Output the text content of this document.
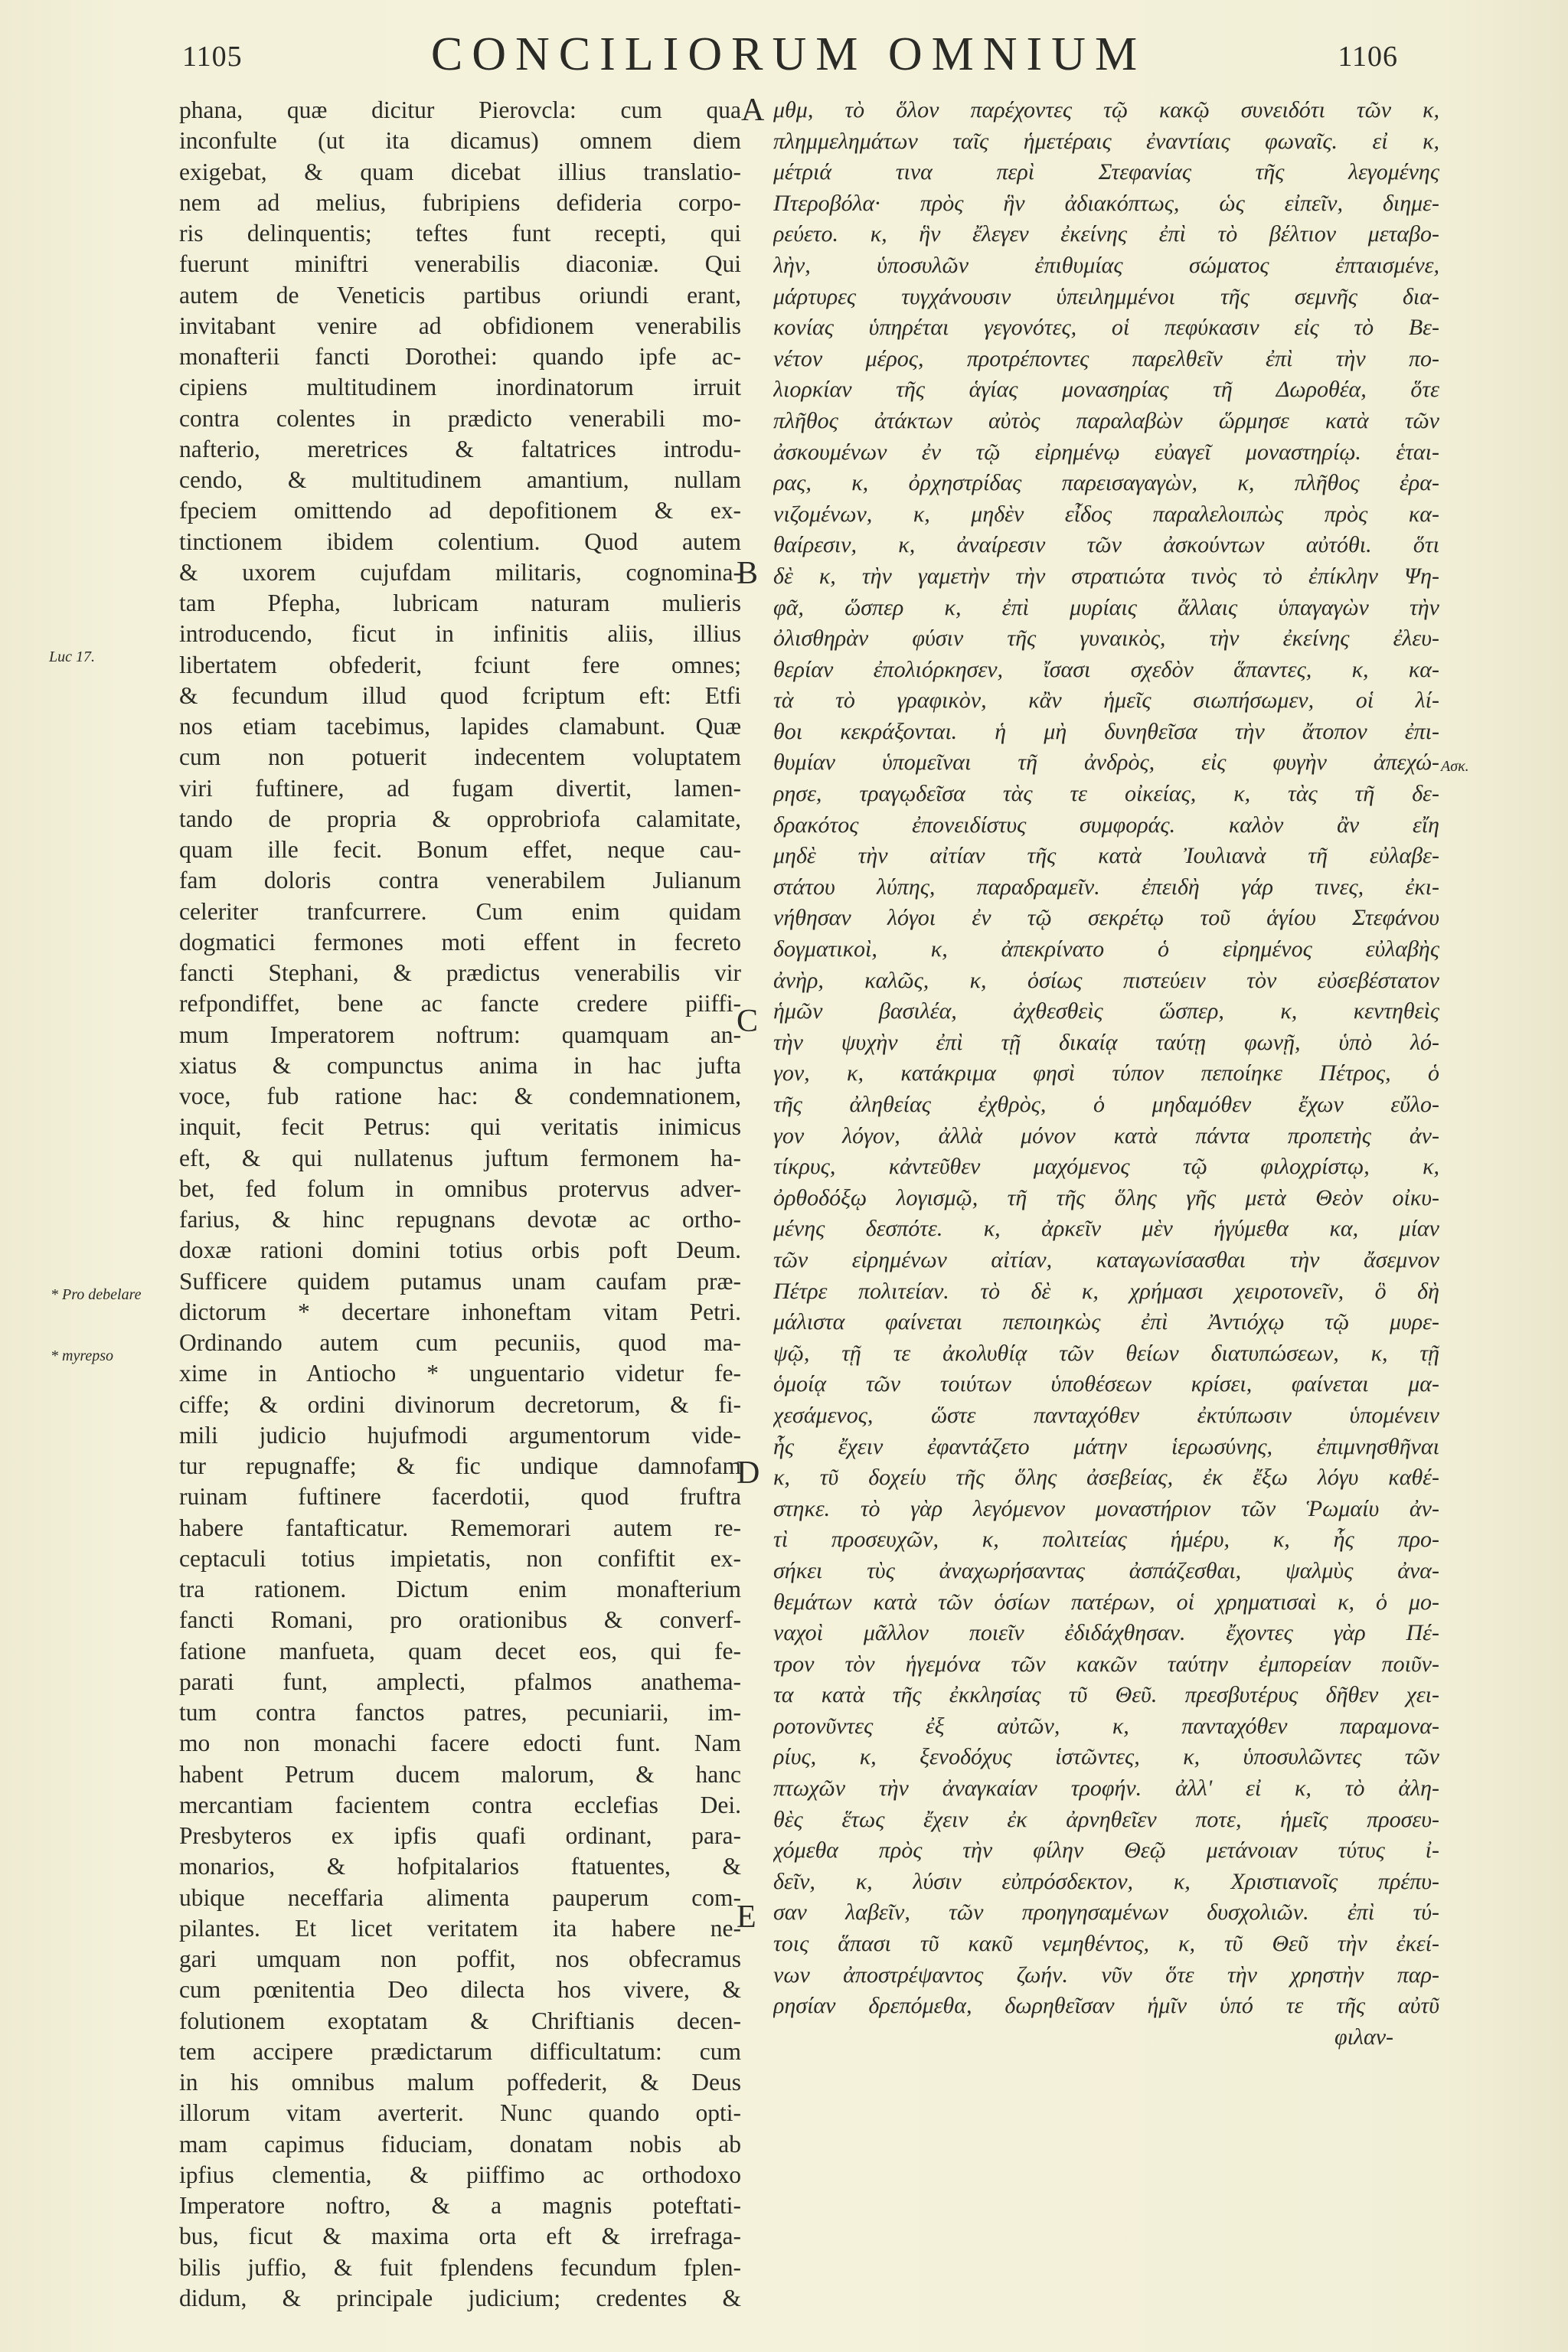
1105	CONCILIORUM OMNIUM	1106
A
B
C
D
E
Luc 17.
* Pro debelare
* myrepso
Ασκ.
phana, quæ dicitur Pierovcla: cum qua
inconfulte (ut ita dicamus) omnem diem
exigebat, & quam dicebat illius translatio-
nem ad melius, fubripiens defideria corpo-
ris delinquentis; teftes funt recepti, qui
fuerunt miniftri venerabilis diaconiæ. Qui
autem de Veneticis partibus oriundi erant,
invitabant venire ad obfidionem venerabilis
monafterii fancti Dorothei: quando ipfe ac-
cipiens multitudinem inordinatorum irruit
contra colentes in prædicto venerabili mo-
nafterio, meretrices & faltatrices introdu-
cendo, & multitudinem amantium, nullam
fpeciem omittendo ad depofitionem & ex-
tinctionem ibidem colentium. Quod autem
& uxorem cujufdam militaris, cognomina-
tam Pfepha, lubricam naturam mulieris
introducendo, ficut in infinitis aliis, illius
libertatem obfederit, fciunt fere omnes;
& fecundum illud quod fcriptum eft: Etfi
nos etiam tacebimus, lapides clamabunt. Quæ
cum non potuerit indecentem voluptatem
viri fuftinere, ad fugam divertit, lamen-
tando de propria & opprobriofa calamitate,
quam ille fecit. Bonum effet, neque cau-
fam doloris contra venerabilem Julianum
celeriter tranfcurrere. Cum enim quidam
dogmatici fermones moti effent in fecreto
fancti Stephani, & prædictus venerabilis vir
refpondiffet, bene ac fancte credere piiffi-
mum Imperatorem noftrum: quamquam an-
xiatus & compunctus anima in hac jufta
voce, fub ratione hac: & condemnationem,
inquit, fecit Petrus: qui veritatis inimicus
eft, & qui nullatenus juftum fermonem ha-
bet, fed folum in omnibus protervus adver-
farius, & hinc repugnans devotæ ac ortho-
doxæ rationi domini totius orbis poft Deum.
Sufficere quidem putamus unam caufam præ-
dictorum * decertare inhoneftam vitam Petri.
Ordinando autem cum pecuniis, quod ma-
xime in Antiocho * unguentario videtur fe-
ciffe; & ordini divinorum decretorum, & fi-
mili judicio hujufmodi argumentorum vide-
tur repugnaffe; & fic undique damnofam
ruinam fuftinere facerdotii, quod fruftra
habere fantafticatur. Rememorari autem re-
ceptaculi totius impietatis, non confiftit ex-
tra rationem. Dictum enim monafterium
fancti Romani, pro orationibus & converf-
fatione manfueta, quam decet eos, qui fe-
parati funt, amplecti, pfalmos anathema-
tum contra fanctos patres, pecuniarii, im-
mo non monachi facere edocti funt. Nam
habent Petrum ducem malorum, & hanc
mercantiam facientem contra ecclefias Dei.
Presbyteros ex ipfis quafi ordinant, para-
monarios, & hofpitalarios ftatuentes, &
ubique neceffaria alimenta pauperum com-
pilantes. Et licet veritatem ita habere ne-
gari umquam non poffit, nos obfecramus
cum pœnitentia Deo dilecta hos vivere, &
folutionem exoptatam & Chriftianis decen-
tem accipere prædictarum difficultatum: cum
in his omnibus malum poffederit, & Deus
illorum vitam averterit. Nunc quando opti-
mam capimus fiduciam, donatam nobis ab
ipfius clementia, & piiffimo ac orthodoxo
Imperatore noftro, & a magnis poteftati-
bus, ficut & maxima orta eft & irrefraga-
bilis juffio, & fuit fplendens fecundum fplen-
didum, & principale judicium; credentes &
μθμ, τὸ ὅλον παρέχοντες τῷ κακῷ συνειδότι τῶν κ,
πλημμελημάτων ταῖς ἡμετέραις ἐναντίαις φωναῖς. εἰ κ,
μέτριά τινα περὶ Στεφανίας τῆς λεγομένης
Πτεροβόλα· πρὸς ἣν ἀδιακόπτως, ὡς εἰπεῖν, διημε-
ρεύετο. κ, ἣν ἔλεγεν ἐκείνης ἐπὶ τὸ βέλτιον μεταβο-
λὴν, ὑποσυλῶν ἐπιθυμίας σώματος ἐπταισμένε,
μάρτυρες τυγχάνουσιν ὑπειλημμένοι τῆς σεμνῆς δια-
κονίας ὑπηρέται γεγονότες, οἱ πεφύκασιν εἰς τὸ Βε-
νέτον μέρος, προτρέποντες παρελθεῖν ἐπὶ τὴν πο-
λιορκίαν τῆς ἁγίας μονασηρίας τῆ Δωροθέα, ὅτε
πλῆθος ἀτάκτων αὐτὸς παραλαβὼν ὥρμησε κατὰ τῶν
ἀσκουμένων ἐν τῷ εἰρημένῳ εὐαγεῖ μοναστηρίῳ. ἑται-
ρας, κ, ὀρχηστρίδας παρεισαγαγὼν, κ, πλῆθος ἐρα-
νιζομένων, κ, μηδὲν εἶδος παραλελοιπὼς πρὸς κα-
θαίρεσιν, κ, ἀναίρεσιν τῶν ἀσκούντων αὐτόθι. ὅτι
δὲ κ, τὴν γαμετὴν τὴν στρατιώτα τινὸς τὸ ἐπίκλην Ψη-
φᾶ, ὥσπερ κ, ἐπὶ μυρίαις ἄλλαις ὑπαγαγὼν τὴν
ὀλισθηρὰν φύσιν τῆς γυναικὸς, τὴν ἐκείνης ἐλευ-
θερίαν ἐπολιόρκησεν, ἴσασι σχεδὸν ἅπαντες, κ, κα-
τὰ τὸ γραφικὸν, κἂν ἡμεῖς σιωπήσωμεν, οἱ λί-
θοι κεκράξονται. ἡ μὴ δυνηθεῖσα τὴν ἄτοπον ἐπι-
θυμίαν ὑπομεῖναι τῆ ἀνδρὸς, εἰς φυγὴν ἀπεχώ-
ρησε, τραγῳδεῖσα τὰς τε οἰκείας, κ, τὰς τῆ δε-
δρακότος ἐπονειδίστυς συμφοράς. καλὸν ἂν εἴη
μηδὲ τὴν αἰτίαν τῆς κατὰ Ἰουλιανὰ τῆ εὐλαβε-
στάτου λύπης, παραδραμεῖν. ἐπειδὴ γάρ τινες, ἐκι-
νήθησαν λόγοι ἐν τῷ σεκρέτῳ τοῦ ἁγίου Στεφάνου
δογματικοὶ, κ, ἀπεκρίνατο ὁ εἰρημένος εὐλαβὴς
ἀνὴρ, καλῶς, κ, ὁσίως πιστεύειν τὸν εὐσεβέστατον
ἡμῶν βασιλέα, ἀχθεσθεὶς ὥσπερ, κ, κεντηθεὶς
τὴν ψυχὴν ἐπὶ τῇ δικαίᾳ ταύτῃ φωνῇ, ὑπὸ λό-
γον, κ, κατάκριμα φησὶ τύπον πεποίηκε Πέτρος, ὁ
τῆς ἀληθείας ἐχθρὸς, ὁ μηδαμόθεν ἔχων εὔλο-
γον λόγον, ἀλλὰ μόνον κατὰ πάντα προπετὴς ἀν-
τίκρυς, κἀντεῦθεν μαχόμενος τῷ φιλοχρίστῳ, κ,
ὀρθοδόξῳ λογισμῷ, τῆ τῆς ὅλης γῆς μετὰ Θεὸν οἰκυ-
μένης δεσπότε. κ, ἀρκεῖν μὲν ἡγύμεθα κα, μίαν
τῶν εἰρημένων αἰτίαν, καταγωνίσασθαι τὴν ἄσεμνον
Πέτρε πολιτείαν. τὸ δὲ κ, χρήμασι χειροτονεῖν, ὃ δὴ
μάλιστα φαίνεται πεποιηκὼς ἐπὶ Ἀντιόχῳ τῷ μυρε-
ψῷ, τῇ τε ἀκολυθίᾳ τῶν θείων διατυπώσεων, κ, τῇ
ὁμοίᾳ τῶν τοιύτων ὑποθέσεων κρίσει, φαίνεται μα-
χεσάμενος, ὥστε πανταχόθεν ἐκτύπωσιν ὑπομένειν
ἧς ἔχειν ἐφαντάζετο μάτην ἱερωσύνης, ἐπιμνησθῆναι
κ, τῦ δοχείυ τῆς ὅλης ἀσεβείας, ἐκ ἔξω λόγυ καθέ-
στηκε. τὸ γὰρ λεγόμενον μοναστήριον τῶν Ῥωμαίυ ἀν-
τὶ προσευχῶν, κ, πολιτείας ἡμέρυ, κ, ἧς προ-
σήκει τὺς ἀναχωρήσαντας ἀσπάζεσθαι, ψαλμὺς ἀνα-
θεμάτων κατὰ τῶν ὁσίων πατέρων, οἱ χρηματισαὶ κ, ὁ μο-
ναχοὶ μᾶλλον ποιεῖν ἐδιδάχθησαν. ἔχοντες γὰρ Πέ-
τρον τὸν ἡγεμόνα τῶν κακῶν ταύτην ἐμπορείαν ποιῦν-
τα κατὰ τῆς ἐκκλησίας τῦ Θεῦ. πρεσβυτέρυς δῆθεν χει-
ροτονῦντες ἐξ αὐτῶν, κ, πανταχόθεν παραμονα-
ρίυς, κ, ξενοδόχυς ἱστῶντες, κ, ὑποσυλῶντες τῶν
πτωχῶν τὴν ἀναγκαίαν τροφήν. ἀλλ' εἰ κ, τὸ ἀλη-
θὲς ἕτως ἔχειν ἐκ ἀρνηθεῖεν ποτε, ἡμεῖς προσευ-
χόμεθα πρὸς τὴν φίλην Θεῷ μετάνοιαν τύτυς ἰ-
δεῖν, κ, λύσιν εὐπρόσδεκτον, κ, Χριστιανοῖς πρέπυ-
σαν λαβεῖν, τῶν προηγησαμένων δυσχολιῶν. ἐπὶ τύ-
τοις ἅπασι τῦ κακῦ νεμηθέντος, κ, τῦ Θεῦ τὴν ἐκεί-
νων ἀποστρέψαντος ζωήν. νῦν ὅτε τὴν χρηστὴν παρ-
ρησίαν δρεπόμεθα, δωρηθεῖσαν ἡμῖν ὑπό τε τῆς αὐτῦ
φιλαν-
